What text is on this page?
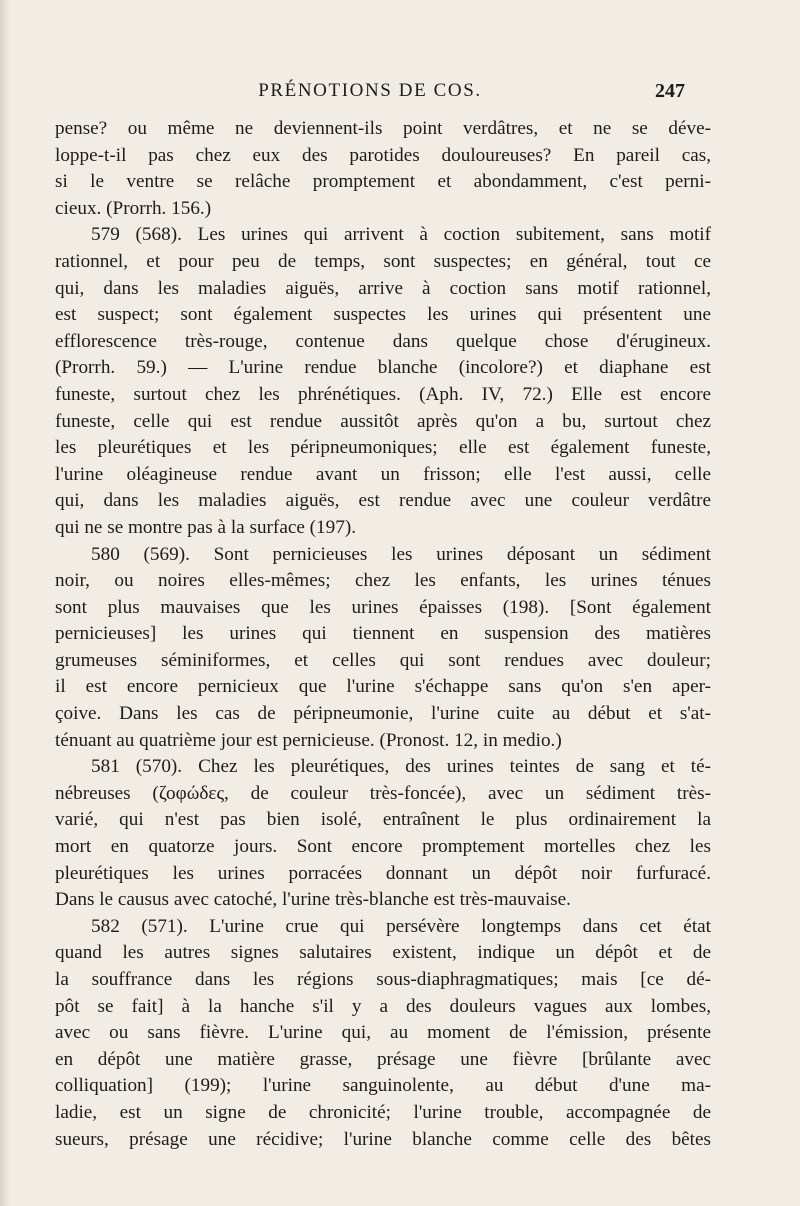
PRÉNOTIONS DE COS.	247
pense? ou même ne deviennent-ils point verdâtres, et ne se déve-
loppe-t-il pas chez eux des parotides douloureuses? En pareil cas,
si le ventre se relâche promptement et abondamment, c'est perni-
cieux. (Prorrh. 156.)
579 (568). Les urines qui arrivent à coction subitement, sans motif
rationnel, et pour peu de temps, sont suspectes; en général, tout ce
qui, dans les maladies aiguës, arrive à coction sans motif rationnel,
est suspect; sont également suspectes les urines qui présentent une
efflorescence très-rouge, contenue dans quelque chose d'érugineux.
(Prorrh. 59.) — L'urine rendue blanche (incolore?) et diaphane est
funeste, surtout chez les phrénétiques. (Aph. IV, 72.) Elle est encore
funeste, celle qui est rendue aussitôt après qu'on a bu, surtout chez
les pleurétiques et les péripneumoniques; elle est également funeste,
l'urine oléagineuse rendue avant un frisson; elle l'est aussi, celle
qui, dans les maladies aiguës, est rendue avec une couleur verdâtre
qui ne se montre pas à la surface (197).
580 (569). Sont pernicieuses les urines déposant un sédiment
noir, ou noires elles-mêmes; chez les enfants, les urines ténues
sont plus mauvaises que les urines épaisses (198). [Sont également
pernicieuses] les urines qui tiennent en suspension des matières
grumeuses séminiformes, et celles qui sont rendues avec douleur;
il est encore pernicieux que l'urine s'échappe sans qu'on s'en aper-
çoive. Dans les cas de péripneumonie, l'urine cuite au début et s'at-
ténuant au quatrième jour est pernicieuse. (Pronost. 12, in medio.)
581 (570). Chez les pleurétiques, des urines teintes de sang et té-
nébreuses (ζοφώδες, de couleur très-foncée), avec un sédiment très-
varié, qui n'est pas bien isolé, entraînent le plus ordinairement la
mort en quatorze jours. Sont encore promptement mortelles chez les
pleurétiques les urines porracées donnant un dépôt noir furfuracé.
Dans le causus avec catoché, l'urine très-blanche est très-mauvaise.
582 (571). L'urine crue qui persévère longtemps dans cet état
quand les autres signes salutaires existent, indique un dépôt et de
la souffrance dans les régions sous-diaphragmatiques; mais [ce dé-
pôt se fait] à la hanche s'il y a des douleurs vagues aux lombes,
avec ou sans fièvre. L'urine qui, au moment de l'émission, présente
en dépôt une matière grasse, présage une fièvre [brûlante avec
colliquation] (199); l'urine sanguinolente, au début d'une ma-
ladie, est un signe de chronicité; l'urine trouble, accompagnée de
sueurs, présage une récidive; l'urine blanche comme celle des bêtes
